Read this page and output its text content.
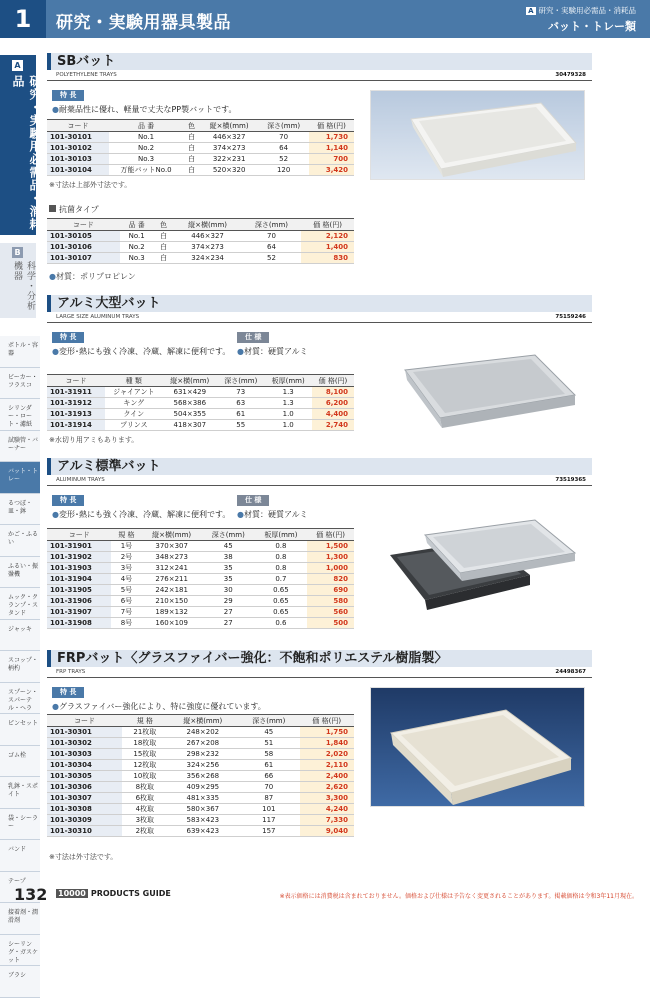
1	研究・実験用器具製品
A 研究・実験用必需品・消耗品
バット・トレー類
A
研究・実験用必需品・消耗品
B
科学・分析機器
ボトル・容器
ビーカー・フラスコ
シリンダー・ロート・濾紙
試験管・バーナー
バット・トレー
るつぼ・皿・鉢
かご・ふるい
ふるい・振盪機
ムック・クランプ・スタンド
ジャッキ
スコップ・柄杓
スプーン・スパーテル・ヘラ
ピンセット
ゴム栓
乳鉢・スポイト
袋・シーラー
バンド
テープ
接着剤・潤滑剤
シーリング・ガスケット
ブラシ
SBバット
POLYETHYLENE TRAYS	30479328
特 長
●耐薬品性に優れ、軽量で丈夫なPP製バットです。
コード	品 番	色	縦×横(mm)	深さ(mm)	価 格(円)
101-30101	No.1	白	446×327	70	1,730
101-30102	No.2	白	374×273	64	1,140
101-30103	No.3	白	322×231	52	700
101-30104	万能バットNo.0	白	520×320	120	3,420
※寸法は上部外寸法です。
抗菌タイプ
コード	品 番	色	縦×横(mm)	深さ(mm)	価 格(円)
101-30105	No.1	白	446×327	70	2,120
101-30106	No.2	白	374×273	64	1,400
101-30107	No.3	白	324×234	52	830
●材質：ポリプロピレン
アルミ大型バット
LARGE SIZE ALUMINUM TRAYS	75159246
特 長	仕 様
●変形･熱にも強く冷凍、冷蔵、解凍に便利です。 ●材質：硬質アルミ
コード	種 類	縦×横(mm)	深さ(mm)	板厚(mm)	価 格(円)
101-31911	ジャイアント	631×429	73	1.3	8,100
101-31912	キング	568×386	63	1.3	6,200
101-31913	クイン	504×355	61	1.0	4,400
101-31914	プリンス	418×307	55	1.0	2,740
※水切り用アミもあります。
アルミ標準バット
ALUMINUM TRAYS	73519365
特 長	仕 様
●変形･熱にも強く冷凍、冷蔵、解凍に便利です。 ●材質：硬質アルミ
コード	規 格	縦×横(mm)	深さ(mm)	板厚(mm)	価 格(円)
101-31901	1号	370×307	45	0.8	1,500
101-31902	2号	348×273	38	0.8	1,300
101-31903	3号	312×241	35	0.8	1,000
101-31904	4号	276×211	35	0.7	820
101-31905	5号	242×181	30	0.65	690
101-31906	6号	210×150	29	0.65	580
101-31907	7号	189×132	27	0.65	560
101-31908	8号	160×109	27	0.6	500
FRPバット〈グラスファイバー強化：不飽和ポリエステル樹脂製〉
FRP TRAYS	24498367
特 長
●グラスファイバー強化により、特に強度に優れています。
コード	規 格	縦×横(mm)	深さ(mm)	価 格(円)
101-30301	21枚取	248×202	45	1,750
101-30302	18枚取	267×208	51	1,840
101-30303	15枚取	298×232	58	2,020
101-30304	12枚取	324×256	61	2,110
101-30305	10枚取	356×268	66	2,400
101-30306	8枚取	409×295	70	2,620
101-30307	6枚取	481×335	87	3,300
101-30308	4枚取	580×367	101	4,240
101-30309	3枚取	583×423	117	7,330
101-30310	2枚取	639×423	157	9,040
※寸法は外寸法です。
132 10000 PRODUCTS GUIDE	※表示価格には消費税は含まれておりません。価格および仕様は予告なく変更されることがあります。掲載価格は令和3年11月現在。
